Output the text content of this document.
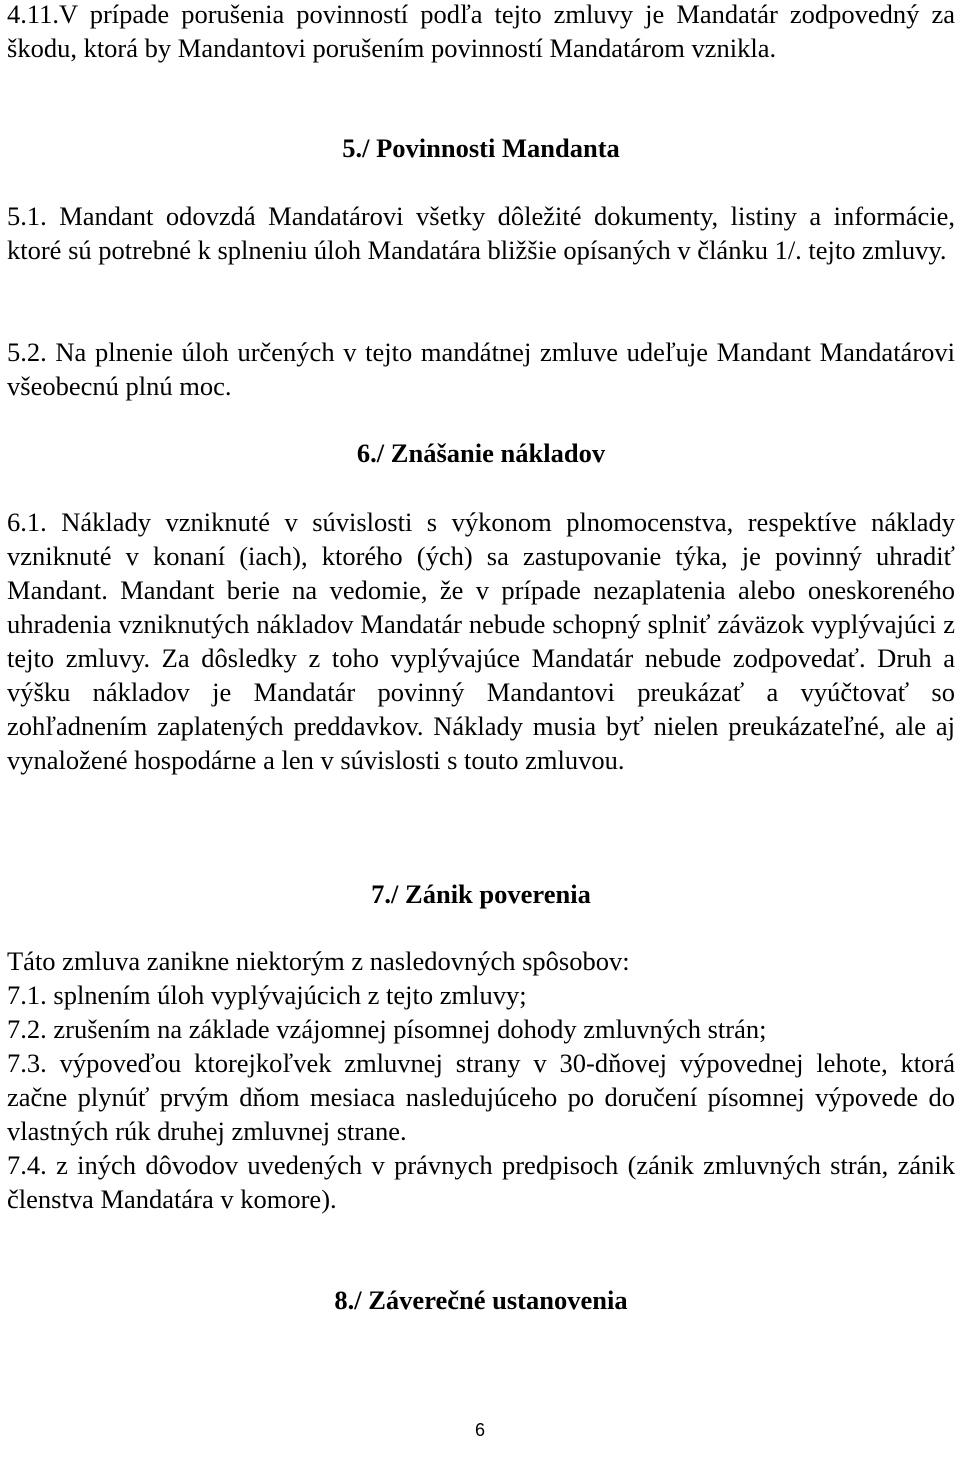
4.11.V prípade porušenia povinností podľa tejto zmluvy je Mandatár zodpovedný za škodu, ktorá by Mandantovi porušením povinností Mandatárom vznikla.
5./ Povinnosti Mandanta
5.1. Mandant odovzdá Mandatárovi všetky dôležité dokumenty, listiny a informácie, ktoré sú potrebné k splneniu úloh Mandatára bližšie opísaných v článku 1/. tejto zmluvy.
5.2. Na plnenie úloh určených v tejto mandátnej zmluve udeľuje Mandant Mandatárovi všeobecnú plnú moc.
6./ Znášanie nákladov
6.1. Náklady vzniknuté v súvislosti s výkonom plnomocenstva, respektíve náklady vzniknuté v konaní (iach), ktorého (ých) sa zastupovanie týka, je povinný uhradiť Mandant. Mandant berie na vedomie, že v prípade nezaplatenia alebo oneskoreného uhradenia vzniknutých nákladov Mandatár nebude schopný splniť záväzok vyplývajúci z tejto zmluvy. Za dôsledky z toho vyplývajúce Mandatár nebude zodpovedať. Druh a výšku nákladov je Mandatár povinný Mandantovi preukázať a vyúčtovať so zohľadnením zaplatených preddavkov. Náklady musia byť nielen preukázateľné, ale aj vynaložené hospodárne a len v súvislosti s touto zmluvou.
7./ Zánik poverenia
Táto zmluva zanikne niektorým z nasledovných spôsobov:
7.1. splnením úloh vyplývajúcich z tejto zmluvy;
7.2. zrušením na základe vzájomnej písomnej dohody zmluvných strán;
7.3. výpoveďou ktorejkoľvek zmluvnej strany v 30-dňovej výpovednej lehote, ktorá začne plynúť prvým dňom mesiaca nasledujúceho po doručení písomnej výpovede do vlastných rúk druhej zmluvnej strane.
7.4. z iných dôvodov uvedených v právnych predpisoch (zánik zmluvných strán, zánik členstva Mandatára v komore).
8./ Záverečné ustanovenia
6
